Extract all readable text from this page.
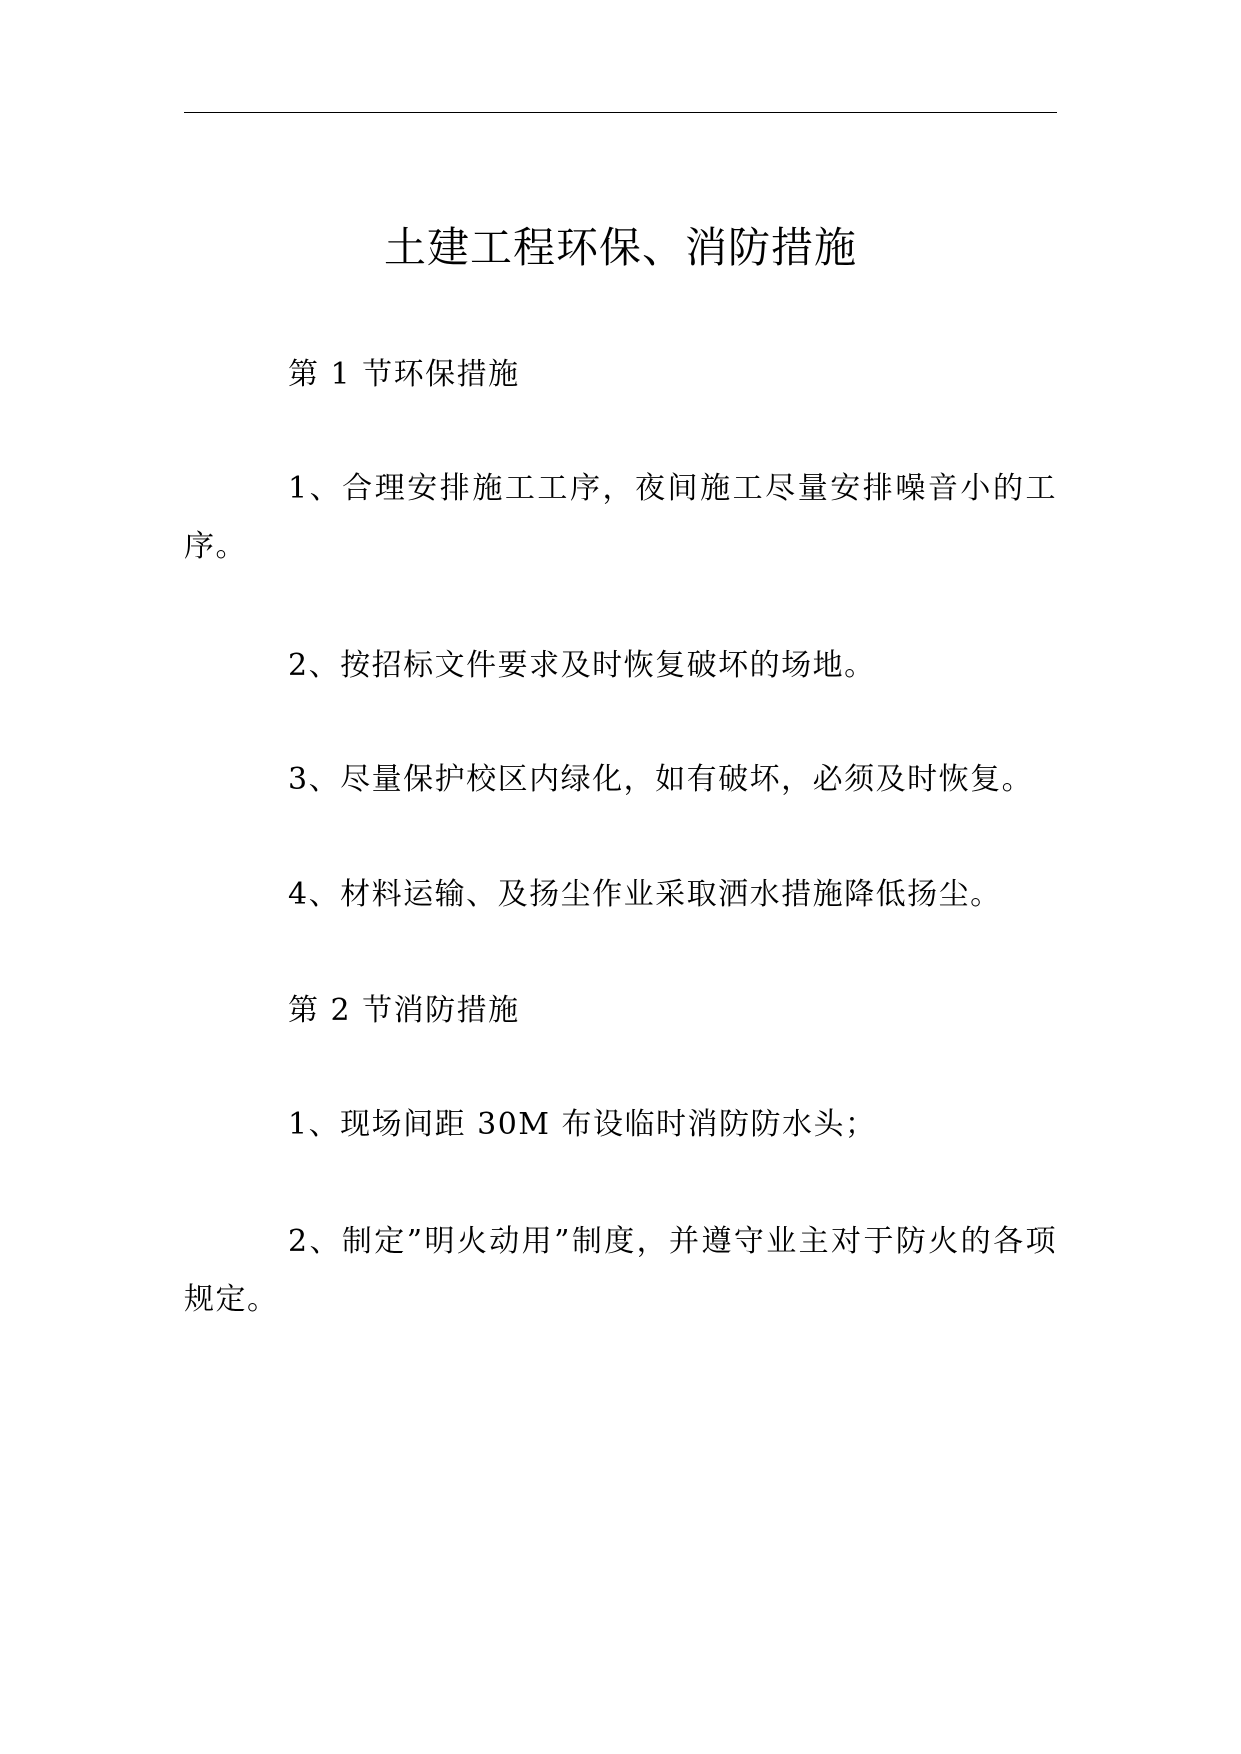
土建工程环保、消防措施

第 1 节环保措施

1、合理安排施工工序，夜间施工尽量安排噪音小的工序。

2、按招标文件要求及时恢复破坏的场地。

3、尽量保护校区内绿化，如有破坏，必须及时恢复。

4、材料运输、及扬尘作业采取洒水措施降低扬尘。

第 2 节消防措施

1、现场间距 30M 布设临时消防防水头；

2、制定”明火动用”制度，并遵守业主对于防火的各项规定。
